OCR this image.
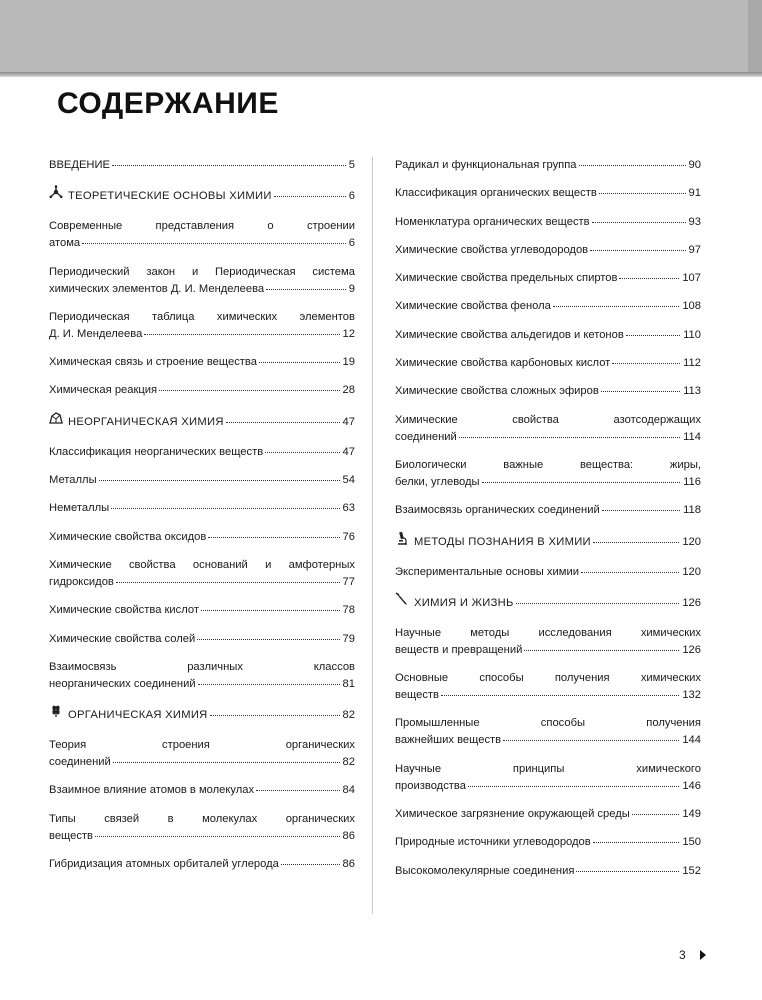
СОДЕРЖАНИЕ
ВВЕДЕНИЕ	5
ТЕОРЕТИЧЕСКИЕ ОСНОВЫ ХИМИИ	6
Современные	представления	о	строении
атома	6
Периодический закон и Периодическая система
химических элементов Д. И. Менделеева	9
Периодическая таблица химических элементов
Д. И. Менделеева	12
Химическая связь и строение вещества	19
Химическая реакция	28
НЕОРГАНИЧЕСКАЯ ХИМИЯ	47
Классификация неорганических веществ	47
Металлы	54
Неметаллы	63
Химические свойства оксидов	76
Химические свойства оснований и амфотерных
гидроксидов	77
Химические свойства кислот	78
Химические свойства солей	79
Взаимосвязь	различных	классов
неорганических соединений	81
ОРГАНИЧЕСКАЯ ХИМИЯ	82
Теория	строения	органических
соединений	82
Взаимное влияние атомов в молекулах	84
Типы	связей	в	молекулах	органических
веществ	86
Гибридизация атомных орбиталей углерода	86
Радикал и функциональная группа	90
Классификация органических веществ	91
Номенклатура органических веществ	93
Химические свойства углеводородов	97
Химические свойства предельных спиртов	107
Химические свойства фенола	108
Химические свойства альдегидов и кетонов	110
Химические свойства карбоновых кислот	112
Химические свойства сложных эфиров	113
Химические	свойства	азотсодержащих
соединений	114
Биологически	важные	вещества:	жиры,
белки, углеводы	116
Взаимосвязь органических соединений	118
МЕТОДЫ ПОЗНАНИЯ В ХИМИИ	120
Экспериментальные основы химии	120
ХИМИЯ И ЖИЗНЬ	126
Научные	методы	исследования	химических
веществ и превращений	126
Основные	способы	получения	химических
веществ	132
Промышленные	способы	получения
важнейших веществ	144
Научные	принципы	химического
производства	146
Химическое загрязнение окружающей среды	149
Природные источники углеводородов	150
Высокомолекулярные соединения	152
3
